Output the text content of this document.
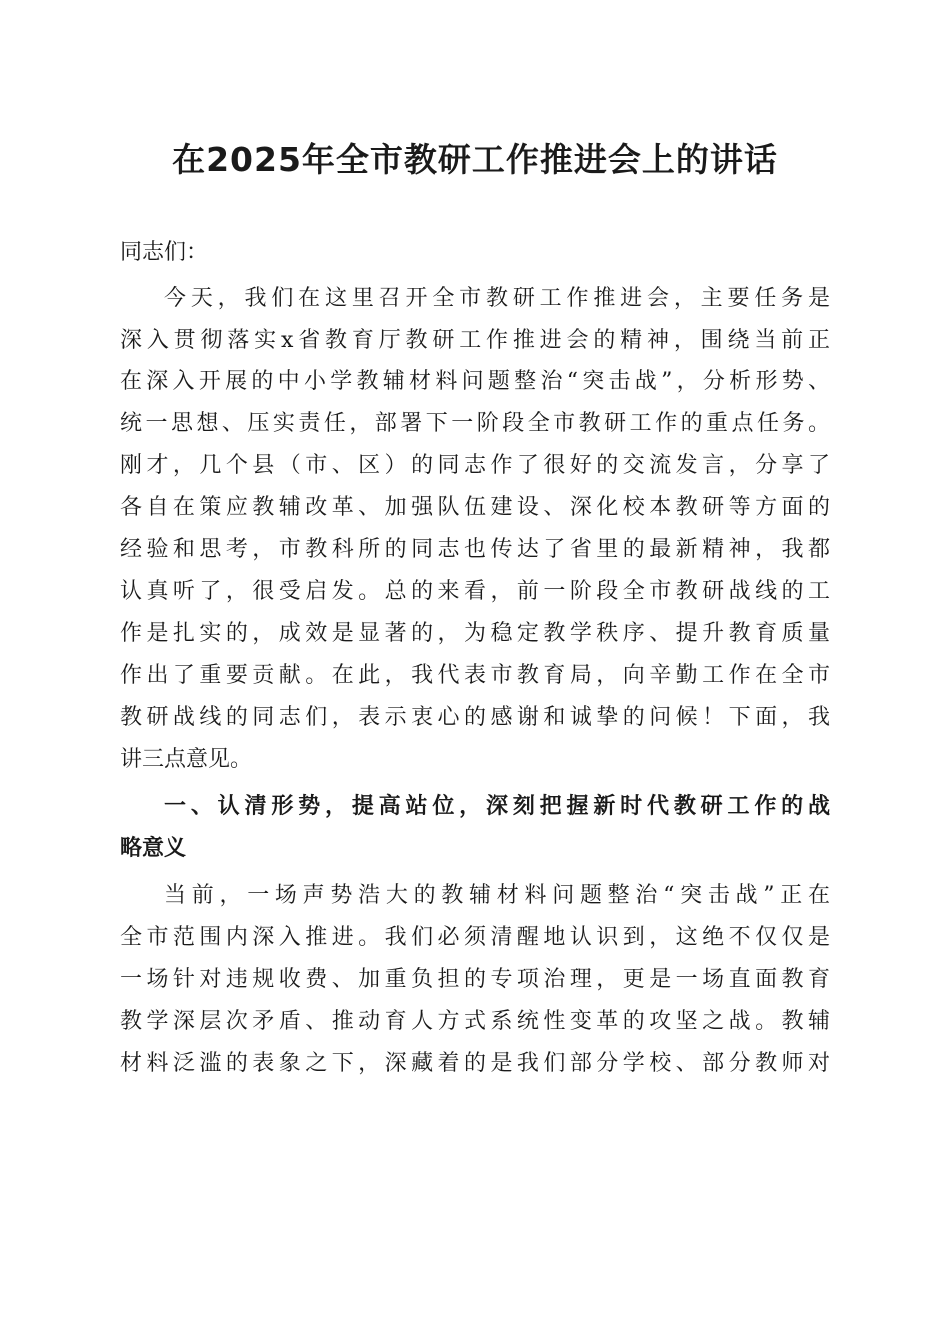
在2025年全市教研工作推进会上的讲话

同志们：

今天，我们在这里召开全市教研工作推进会，主要任务是

深入贯彻落实x省教育厅教研工作推进会的精神，围绕当前正

在深入开展的中小学教辅材料问题整治“突击战”，分析形势、

统一思想、压实责任，部署下一阶段全市教研工作的重点任务。

刚才，几个县（市、区）的同志作了很好的交流发言，分享了

各自在策应教辅改革、加强队伍建设、深化校本教研等方面的

经验和思考，市教科所的同志也传达了省里的最新精神，我都

认真听了，很受启发。总的来看，前一阶段全市教研战线的工

作是扎实的，成效是显著的，为稳定教学秩序、提升教育质量

作出了重要贡献。在此，我代表市教育局，向辛勤工作在全市

教研战线的同志们，表示衷心的感谢和诚挚的问候！下面，我

讲三点意见。

一、认清形势，提高站位，深刻把握新时代教研工作的战

略意义

当前，一场声势浩大的教辅材料问题整治“突击战”正在

全市范围内深入推进。我们必须清醒地认识到，这绝不仅仅是

一场针对违规收费、加重负担的专项治理，更是一场直面教育

教学深层次矛盾、推动育人方式系统性变革的攻坚之战。教辅

材料泛滥的表象之下，深藏着的是我们部分学校、部分教师对
